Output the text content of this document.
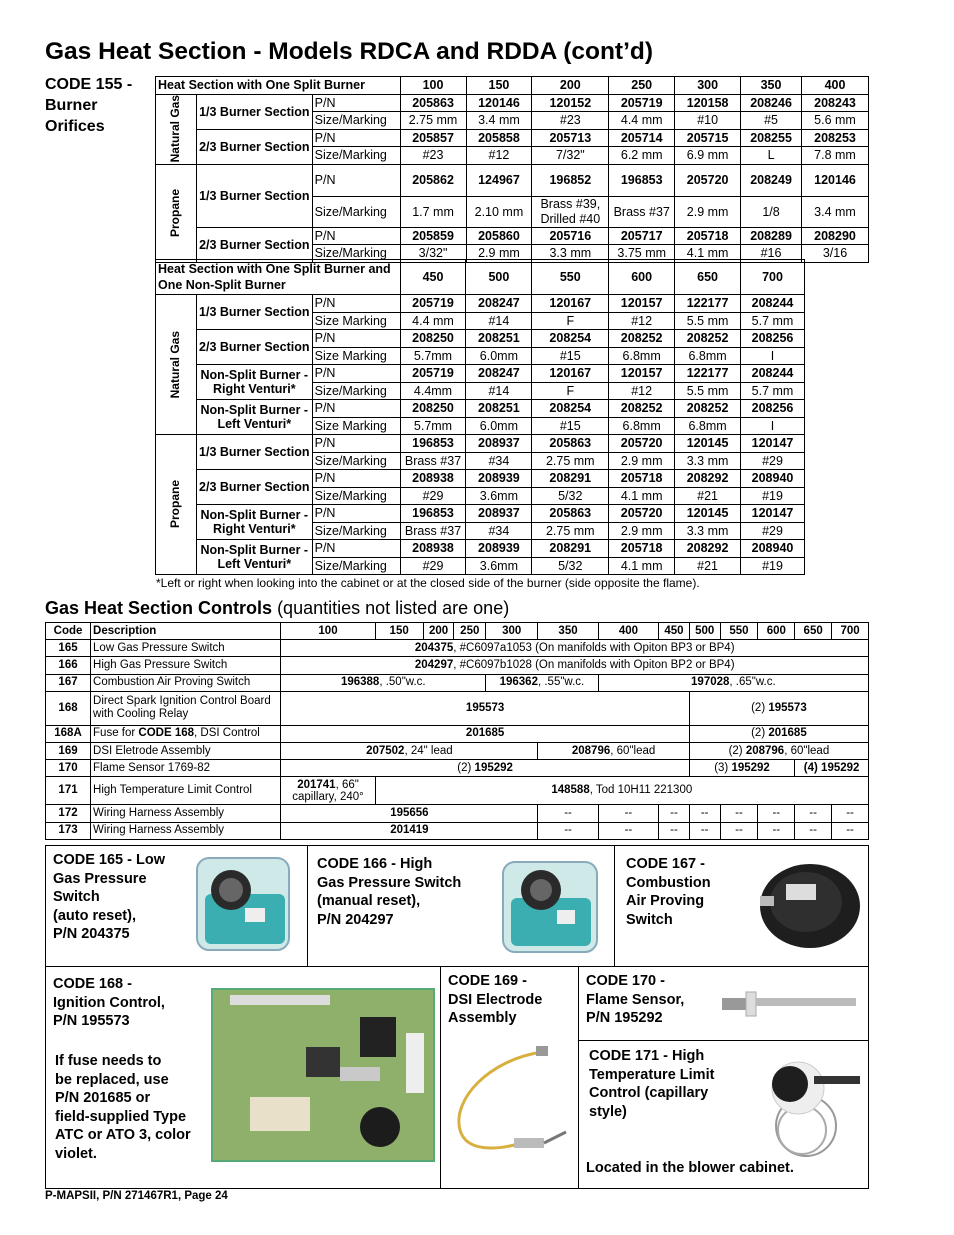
Gas Heat Section - Models RDCA and RDDA (cont’d)
CODE 155 -
Burner
Orifices
Heat Section with One Split Burner			100	150	200	250	300	350	400

Natural Gas	1/3 Burner Section	P/N	205863	120146	120152	205719	120158	208246	208243
		Size/Marking	2.75 mm	3.4 mm	#23	4.4 mm	#10	#5	5.6 mm
	2/3 Burner Section	P/N	205857	205858	205713	205714	205715	208255	208253
		Size/Marking	#23	#12	7/32"	6.2 mm	6.9 mm	L	7.8 mm

Propane	1/3 Burner Section	P/N	205862	124967	196852	196853	205720	208249	120146
		Size/Marking	1.7 mm	2.10 mm	Brass #39, Drilled #40	Brass #37	2.9 mm	1/8	3.4 mm
	2/3 Burner Section	P/N	205859	205860	205716	205717	205718	208289	208290
		Size/Marking	3/32"	2.9 mm	3.3 mm	3.75 mm	4.1 mm	#16	3/16
Heat Section with One Split Burner and One Non-Split Burner			450	500	550	600	650	700

Natural Gas	1/3 Burner Section	P/N	205719	208247	120167	120157	122177	208244
		Size Marking	4.4 mm	#14	F	#12	5.5 mm	5.7 mm
	2/3 Burner Section	P/N	208250	208251	208254	208252	208252	208256
		Size Marking	5.7mm	6.0mm	#15	6.8mm	6.8mm	I
	Non-Split Burner - Right Venturi*	P/N	205719	208247	120167	120157	122177	208244
		Size/Marking	4.4mm	#14	F	#12	5.5 mm	5.7 mm
	Non-Split Burner - Left Venturi*	P/N	208250	208251	208254	208252	208252	208256
		Size Marking	5.7mm	6.0mm	#15	6.8mm	6.8mm	I

Propane	1/3 Burner Section	P/N	196853	208937	205863	205720	120145	120147
		Size/Marking	Brass #37	#34	2.75 mm	2.9 mm	3.3 mm	#29
	2/3 Burner Section	P/N	208938	208939	208291	205718	208292	208940
		Size/Marking	#29	3.6mm	5/32	4.1 mm	#21	#19
	Non-Split Burner - Right Venturi*	P/N	196853	208937	205863	205720	120145	120147
		Size/Marking	Brass #37	#34	2.75 mm	2.9 mm	3.3 mm	#29
	Non-Split Burner - Left Venturi*	P/N	208938	208939	208291	205718	208292	208940
		Size/Marking	#29	3.6mm	5/32	4.1 mm	#21	#19
*Left or right when looking into the cabinet or at the closed side of the burner (side opposite the flame).
Gas Heat Section Controls (quantities not listed are one)
Code	Description	100	150	200	250	300	350	400	450	500	550	600	650	700
165	Low Gas Pressure Switch	204375, #C6097a1053 (On manifolds with Opiton BP3 or BP4)												
166	High Gas Pressure Switch	204297, #C6097b1028 (On manifolds with Opiton BP2 or BP4)												
167	Combustion Air Proving Switch	196388, .50"w.c.				196362, .55"w.c.		197028, .65"w.c.						
168	Direct Spark Ignition Control Board with Cooling Relay	195573								(2) 195573				
168A	Fuse for CODE 168, DSI Control	201685								(2) 201685				
169	DSI Eletrode Assembly	207502, 24" lead					208796, 60"lead			(2) 208796, 60"lead				
170	Flame Sensor 1769-82	(2) 195292								(3) 195292			(4) 195292	
171	High Temperature Limit Control	201741, 66" capillary, 240°	148588, Tod 10H11 221300											
172	Wiring Harness Assembly	195656					--	--	--	--	--	--	--	--
173	Wiring Harness Assembly	201419					--	--	--	--	--	--	--	--
CODE 165 - Low
Gas Pressure
Switch
(auto reset),
P/N 204375
CODE 166 - High
Gas Pressure Switch
(manual reset),
P/N 204297
CODE 167 -
Combustion
Air Proving
Switch
CODE 168 -
Ignition Control,
P/N 195573
If fuse needs to
be replaced, use
P/N 201685 or
field-supplied Type
ATC or ATO 3, color
violet.
CODE 169 -
DSI Electrode
Assembly
CODE 170 -
Flame Sensor,
P/N 195292
CODE 171 - High
Temperature Limit
Control (capillary
style)
Located in the blower cabinet.
P-MAPSII, P/N 271467R1, Page 24
